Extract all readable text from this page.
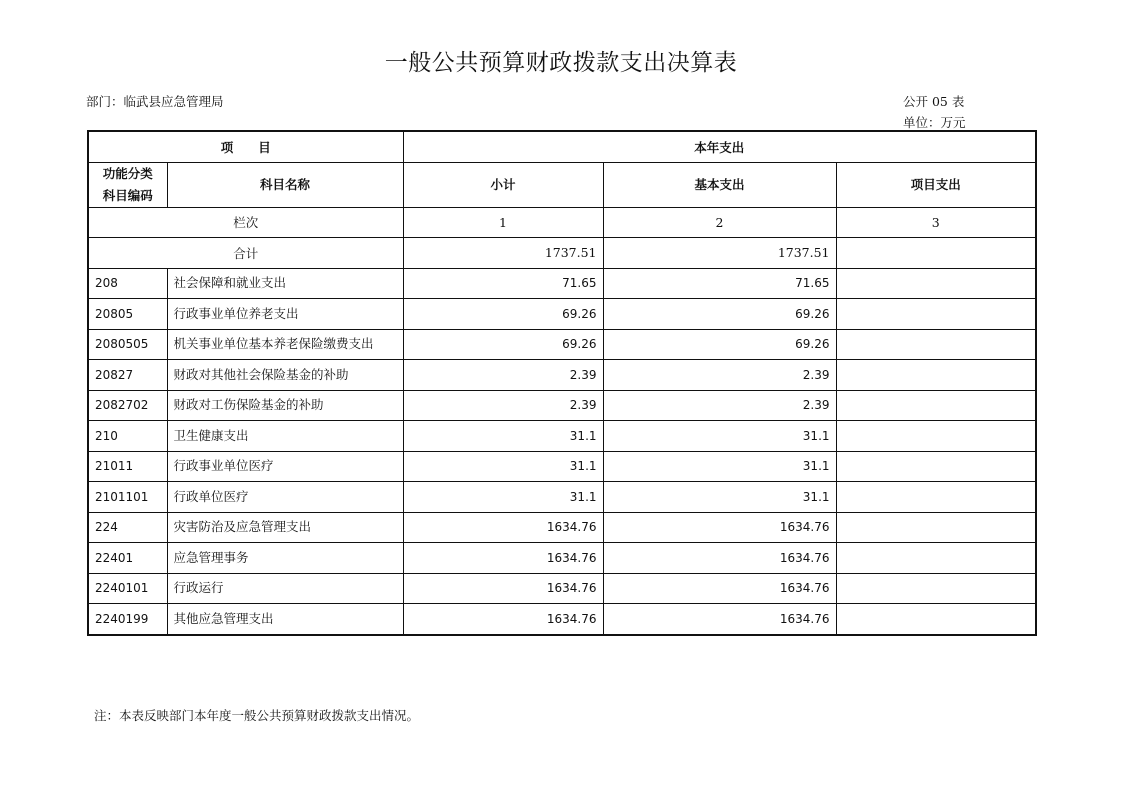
一般公共预算财政拨款支出决算表
部门：临武县应急管理局	公开 05 表
单位：万元
项　　目		本年支出		
功能分类
科目编码	科目名称	小计	基本支出	项目支出
栏次		1	2	3
合计		1737.51	1737.51	
208	社会保障和就业支出	71.65	71.65	
20805	行政事业单位养老支出	69.26	69.26	
2080505	机关事业单位基本养老保险缴费支出	69.26	69.26	
20827	财政对其他社会保险基金的补助	2.39	2.39	
2082702	财政对工伤保险基金的补助	2.39	2.39	
210	卫生健康支出	31.1	31.1	
21011	行政事业单位医疗	31.1	31.1	
2101101	行政单位医疗	31.1	31.1	
224	灾害防治及应急管理支出	1634.76	1634.76	
22401	应急管理事务	1634.76	1634.76	
2240101	行政运行	1634.76	1634.76	
2240199	其他应急管理支出	1634.76	1634.76	
注：本表反映部门本年度一般公共预算财政拨款支出情况。
